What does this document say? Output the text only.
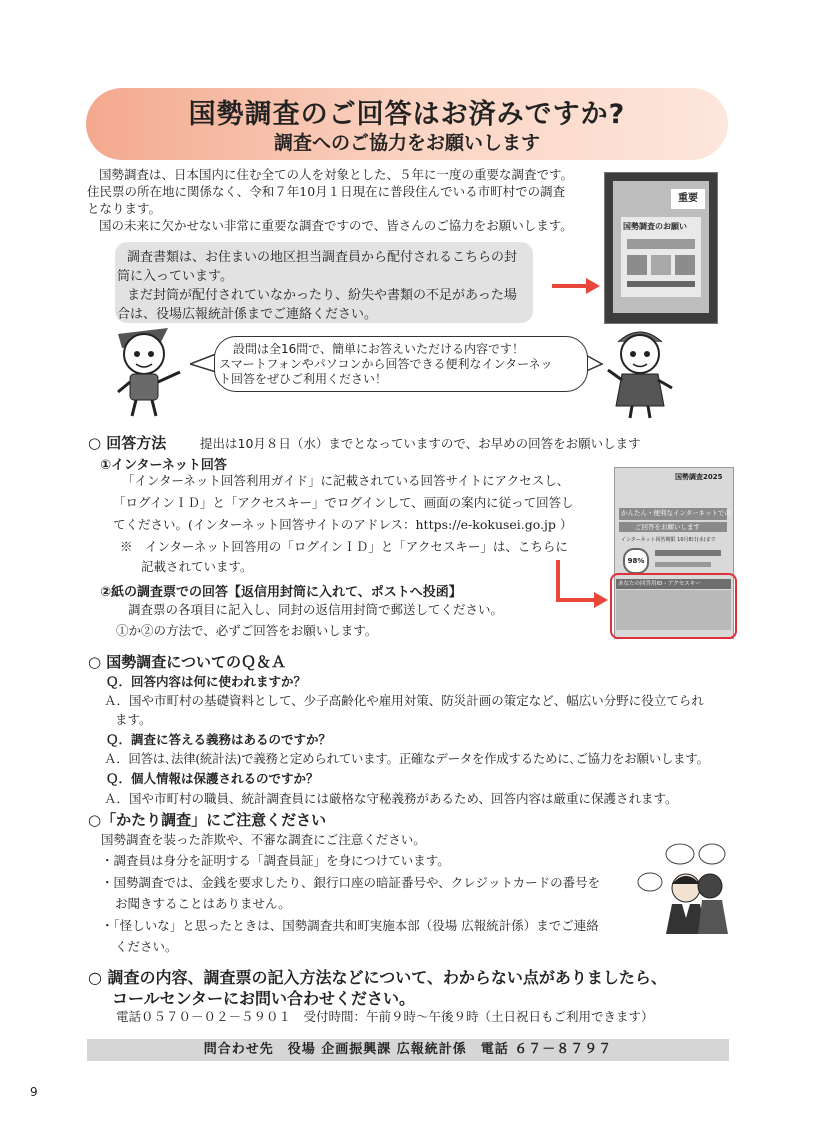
国勢調査のご回答はお済みですか?
調査へのご協力をお願いします
国勢調査は、日本国内に住む全ての人を対象とした、５年に一度の重要な調査です。
住民票の所在地に関係なく、令和７年10月１日現在に普段住んでいる市町村での調査
となります。
国の未来に欠かせない非常に重要な調査ですので、皆さんのご協力をお願いします。
調査書類は、お住まいの地区担当調査員から配付されるこちらの封
筒に入っています。
まだ封筒が配付されていなかったり、紛失や書類の不足があった場
合は、役場広報統計係までご連絡ください。
重要
国勢調査のお願い
設問は全16問で、簡単にお答えいただける内容です！
スマートフォンやパソコンから回答できる便利なインターネッ
ト回答をぜひご利用ください！
○ 回答方法	提出は10月８日（水）までとなっていますので、お早めの回答をお願いします
①インターネット回答
「インターネット回答利用ガイド」に記載されている回答サイトにアクセスし、
「ログインＩＤ」と「アクセスキー」でログインして、画面の案内に従って回答し
てください。(インターネット回答サイトのアドレス：https://e-kokusei.go.jp ）
※　インターネット回答用の「ログインＩＤ」と「アクセスキー」は、こちらに
記載されています。
②紙の調査票での回答【返信用封筒に入れて、ポストへ投函】
調査票の各項目に記入し、同封の返信用封筒で郵送してください。
①か②の方法で、必ずご回答をお願いします。
国勢調査2025
かんたん・便利なインターネットでの
ご回答をお願いします
インターネット回答期限 10月8日(水)まで
98%
あなたの回答用ID・アクセスキー
○ 国勢調査についてのＱ＆Ａ
Ｑ．回答内容は何に使われますか？
Ａ．国や市町村の基礎資料として、少子高齢化や雇用対策、防災計画の策定など、幅広い分野に役立てられ
ます。
Ｑ．調査に答える義務はあるのですか？
Ａ．回答は､法律(統計法)で義務と定められています。正確なデータを作成するために､ご協力をお願いします。
Ｑ．個人情報は保護されるのですか？
Ａ．国や市町村の職員、統計調査員には厳格な守秘義務があるため、回答内容は厳重に保護されます。
○「かたり調査」にご注意ください
国勢調査を装った詐欺や、不審な調査にご注意ください。
・調査員は身分を証明する「調査員証」を身につけています。
・国勢調査では、金銭を要求したり、銀行口座の暗証番号や、クレジットカードの番号を
お聞きすることはありません。
・「怪しいな」と思ったときは、国勢調査共和町実施本部（役場 広報統計係）までご連絡
ください。
○ 調査の内容、調査票の記入方法などについて、わからない点がありましたら、
コールセンターにお問い合わせください。
電話０５７０－０２－５９０１　受付時間：午前９時～午後９時（土日祝日もご利用できます）
問合わせ先　役場 企画振興課 広報統計係　電話 ６７－８７９７
9
